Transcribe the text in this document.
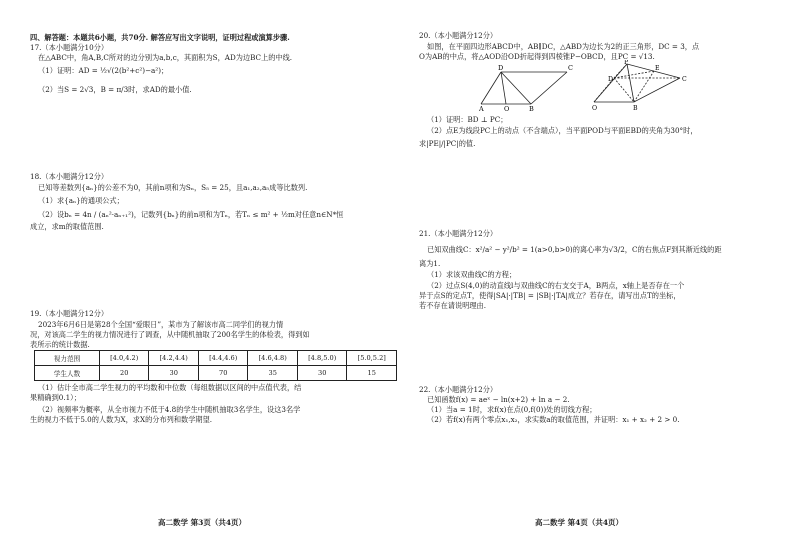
四、解答题：本题共6小题，共70分. 解答应写出文字说明，证明过程或演算步骤.
17.（本小题满分10分）
在△ABC中，角A,B,C所对的边分别为a,b,c，其面积为S，AD为边BC上的中线.
（1）证明：AD = ½√(2(b²+c²)−a²)；
（2）当S = 2√3，B = π/3时，求AD的最小值.
18.（本小题满分12分）
已知等差数列{aₙ}的公差不为0，其前n项和为Sₙ，S₅ = 25，且a₁,a₂,a₅成等比数列.
（1）求{aₙ}的通项公式；
（2）设bₙ = 4n / (aₙ²·aₙ₊₁²)，记数列{bₙ}的前n项和为Tₙ，若Tₙ ≤ m² + ½m对任意n∈N*恒
成立，求m的取值范围.
19.（本小题满分12分）
2023年6月6日是第28个全国“爱眼日”，某市为了解该市高二同学们的视力情
况，对该高二学生的视力情况进行了调查，从中随机抽取了200名学生的体检表，得到如
表所示的统计数据.
视力范围	[4.0,4.2)	[4.2,4.4)	[4.4,4.6)	[4.6,4.8)	[4.8,5.0)	[5.0,5.2]
学生人数	20	30	70	35	30	15
（1）估计全市高二学生视力的平均数和中位数（每组数据以区间的中点值代表，结
果精确到0.1）；
（2）视频率为概率，从全市视力不低于4.8的学生中随机抽取3名学生，设这3名学
生的视力不低于5.0的人数为X，求X的分布列和数学期望.
高二数学 第3页（共4页）
20.（本小题满分12分）
如图，在平面四边形ABCD中，AB∥DC，△ABD为边长为2的正三角形，DC = 3，点
O为AB的中点，将△AOD沿OD折起得到四棱锥P−OBCD，且PC = √13.
D	C
A	O	B
P
D	C
O	B
E
（1）证明：BD ⊥ PC；
（2）点E为线段PC上的动点（不含端点），当平面POD与平面EBD的夹角为30°时，
求|PE|/|PC|的值.
21.（本小题满分12分）
已知双曲线C：x²/a² − y²/b² = 1(a>0,b>0)的离心率为√3/2，C的右焦点F到其渐近线的距
离为1.
（1）求该双曲线C的方程；
（2）过点S(4,0)的动直线l与双曲线C的右支交于A，B两点，x轴上是否存在一个
异于点S的定点T，使得|SA|·|TB| = |SB|·|TA|成立？若存在，请写出点T的坐标，
若不存在请说明理由.
22.（本小题满分12分）
已知函数f(x) = aeˣ − ln(x+2) + ln a − 2.
（1）当a = 1时，求f(x)在点(0,f(0))处的切线方程；
（2）若f(x)有两个零点x₁,x₂，求实数a的取值范围，并证明：x₁ + x₂ + 2 > 0.
高二数学 第4页（共4页）
